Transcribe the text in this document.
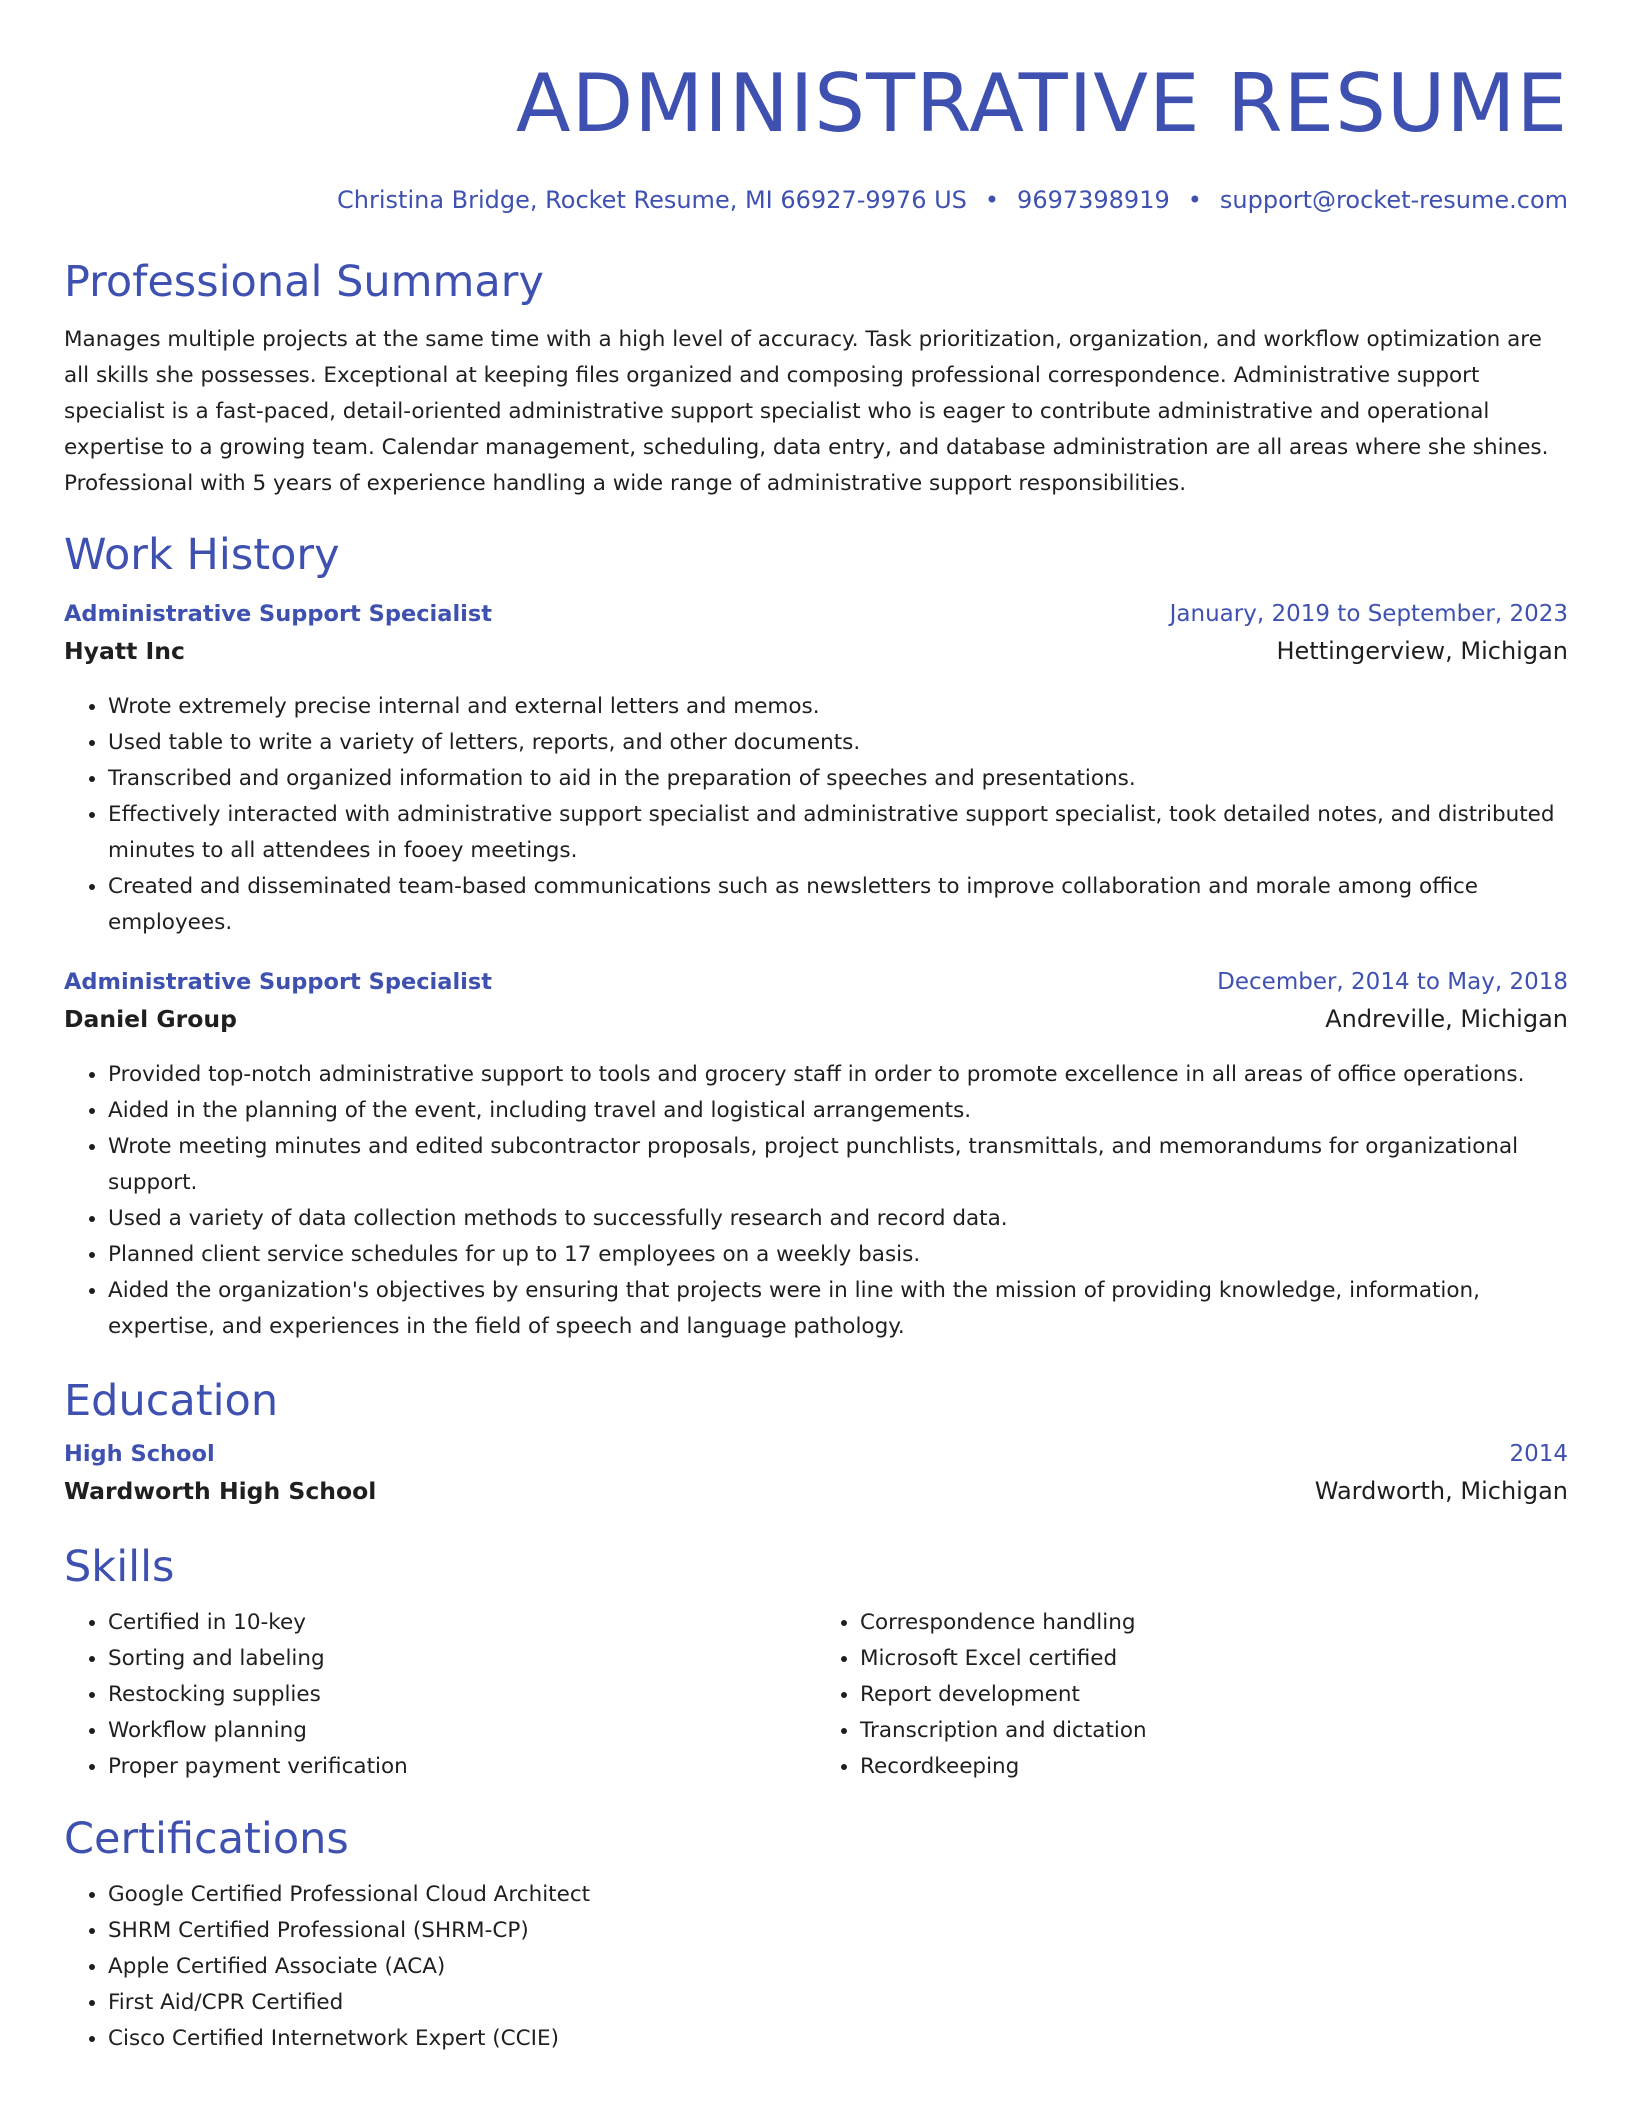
ADMINISTRATIVE RESUME
Christina Bridge, Rocket Resume, MI 66927-9976 US • 9697398919 • support@rocket-resume.com
Professional Summary

Manages multiple projects at the same time with a high level of accuracy. Task prioritization, organization, and workflow optimization are all skills she possesses. Exceptional at keeping files organized and composing professional correspondence. Administrative support specialist is a fast-paced, detail-oriented administrative support specialist who is eager to contribute administrative and operational expertise to a growing team. Calendar management, scheduling, data entry, and database administration are all areas where she shines. Professional with 5 years of experience handling a wide range of administrative support responsibilities.

Work History
Administrative Support Specialist	January, 2019 to September, 2023
Hyatt Inc	Hettingerview, Michigan
• Wrote extremely precise internal and external letters and memos.
• Used table to write a variety of letters, reports, and other documents.
• Transcribed and organized information to aid in the preparation of speeches and presentations.
• Effectively interacted with administrative support specialist and administrative support specialist, took detailed notes, and distributed minutes to all attendees in fooey meetings.
• Created and disseminated team-based communications such as newsletters to improve collaboration and morale among office employees.
Administrative Support Specialist	December, 2014 to May, 2018
Daniel Group	Andreville, Michigan
• Provided top-notch administrative support to tools and grocery staff in order to promote excellence in all areas of office operations.
• Aided in the planning of the event, including travel and logistical arrangements.
• Wrote meeting minutes and edited subcontractor proposals, project punchlists, transmittals, and memorandums for organizational support.
• Used a variety of data collection methods to successfully research and record data.
• Planned client service schedules for up to 17 employees on a weekly basis.
• Aided the organization's objectives by ensuring that projects were in line with the mission of providing knowledge, information, expertise, and experiences in the field of speech and language pathology.
Education
High School	2014
Wardworth High School	Wardworth, Michigan
Skills
• Certified in 10-key
• Sorting and labeling
• Restocking supplies
• Workflow planning
• Proper payment verification
• Correspondence handling
• Microsoft Excel certified
• Report development
• Transcription and dictation
• Recordkeeping
Certifications
• Google Certified Professional Cloud Architect
• SHRM Certified Professional (SHRM-CP)
• Apple Certified Associate (ACA)
• First Aid/CPR Certified
• Cisco Certified Internetwork Expert (CCIE)
